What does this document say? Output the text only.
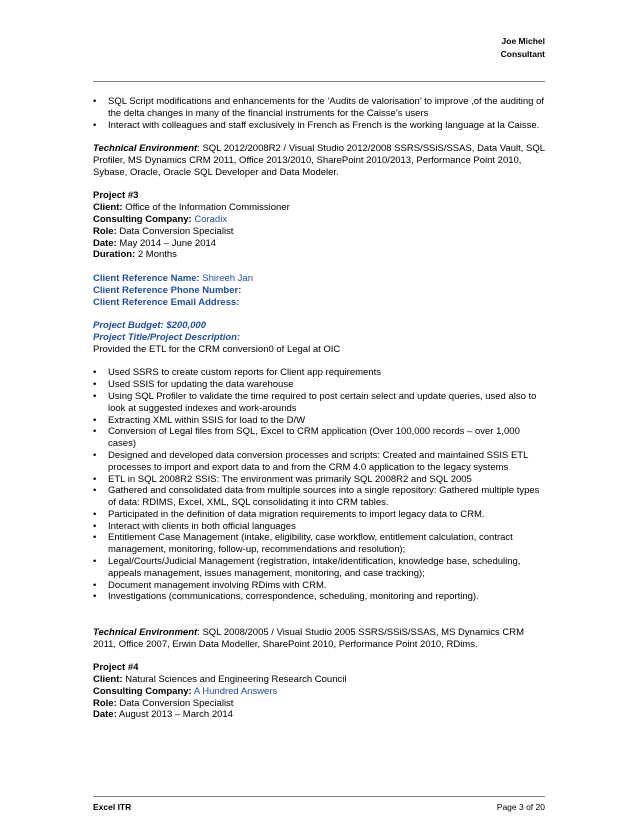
Joe Michel
Consultant
• SQL Script modifications and enhancements for the ‘Audits de valorisation’ to improve ,of the auditing of the delta changes in many of the financial instruments for the Caisse’s users
• Interact with colleagues and staff exclusively in French as French is the working language at la Caisse.
Technical Environment: SQL 2012/2008R2 / Visual Studio 2012/2008 SSRS/SSiS/SSAS, Data Vault, SQL Profiler, MS Dynamics CRM 2011, Office 2013/2010, SharePoint 2010/2013, Performance Point 2010, Sybase, Oracle, Oracle SQL Developer and Data Modeler.
Project #3
Client: Office of the Information Commissioner
Consulting Company: Coradix
Role: Data Conversion Specialist
Date: May 2014 – June 2014
Duration: 2 Months
Client Reference Name: Shireeh Jan
Client Reference Phone Number:
Client Reference Email Address:
Project Budget: $200,000
Project Title/Project Description:
Provided the ETL for the CRM conversion0 of Legal at OIC
• Used SSRS to create custom reports for Client app requirements
• Used SSIS for updating the data warehouse
• Using SQL Profiler to validate the time required to post certain select and update queries, used also to look at suggested indexes and work-arounds
• Extracting XML within SSIS for load to the D/W
• Conversion of Legal files from SQL, Excel to CRM application (Over 100,000 records – over 1,000 cases)
• Designed and developed data conversion processes and scripts: Created and maintained SSIS ETL processes to import and export data to and from the CRM 4.0 application to the legacy systems
• ETL in SQL 2008R2 SSIS: The environment was primarily SQL 2008R2 and SQL 2005
• Gathered and consolidated data from multiple sources into a single repository: Gathered multiple types of data: RDIMS, Excel, XML, SQL consolidating it into CRM tables.
• Participated in the definition of data migration requirements to import legacy data to CRM.
• Interact with clients in both official languages
• Entitlement Case Management (intake, eligibility, case workflow, entitlement calculation, contract management, monitoring, follow-up, recommendations and resolution);
• Legal/Courts/Judicial Management (registration, intake/identification, knowledge base, scheduling, appeals management, issues management, monitoring, and case tracking);
• Document management involving RDims with CRM.
• Investigations (communications, correspondence, scheduling, monitoring and reporting).
Technical Environment: SQL 2008/2005 / Visual Studio 2005 SSRS/SSiS/SSAS, MS Dynamics CRM 2011, Office 2007, Erwin Data Modeller, SharePoint 2010, Performance Point 2010, RDims.
Project #4
Client: Natural Sciences and Engineering Research Council
Consulting Company: A Hundred Answers
Role: Data Conversion Specialist
Date: August 2013 – March 2014
Excel ITR	Page 3 of 20
